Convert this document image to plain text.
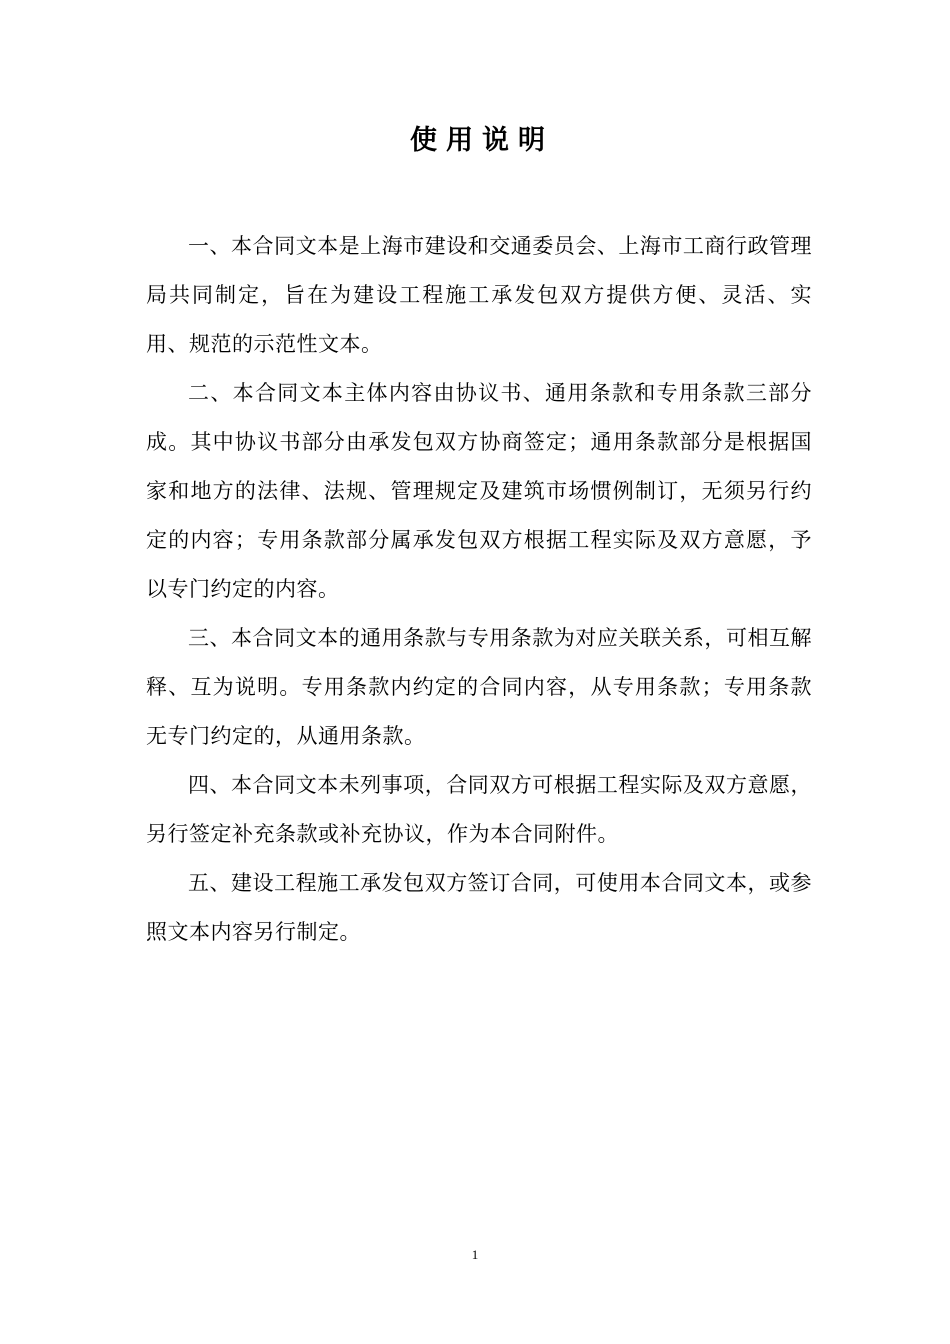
使用说明

一、本合同文本是上海市建设和交通委员会、上海市工商行政管理局共同制定，旨在为建设工程施工承发包双方提供方便、灵活、实用、规范的示范性文本。

二、本合同文本主体内容由协议书、通用条款和专用条款三部分成。其中协议书部分由承发包双方协商签定；通用条款部分是根据国家和地方的法律、法规、管理规定及建筑市场惯例制订，无须另行约定的内容；专用条款部分属承发包双方根据工程实际及双方意愿，予以专门约定的内容。

三、本合同文本的通用条款与专用条款为对应关联关系，可相互解释、互为说明。专用条款内约定的合同内容，从专用条款；专用条款无专门约定的，从通用条款。

四、本合同文本未列事项，合同双方可根据工程实际及双方意愿，另行签定补充条款或补充协议，作为本合同附件。

五、建设工程施工承发包双方签订合同，可使用本合同文本，或参照文本内容另行制定。

1
